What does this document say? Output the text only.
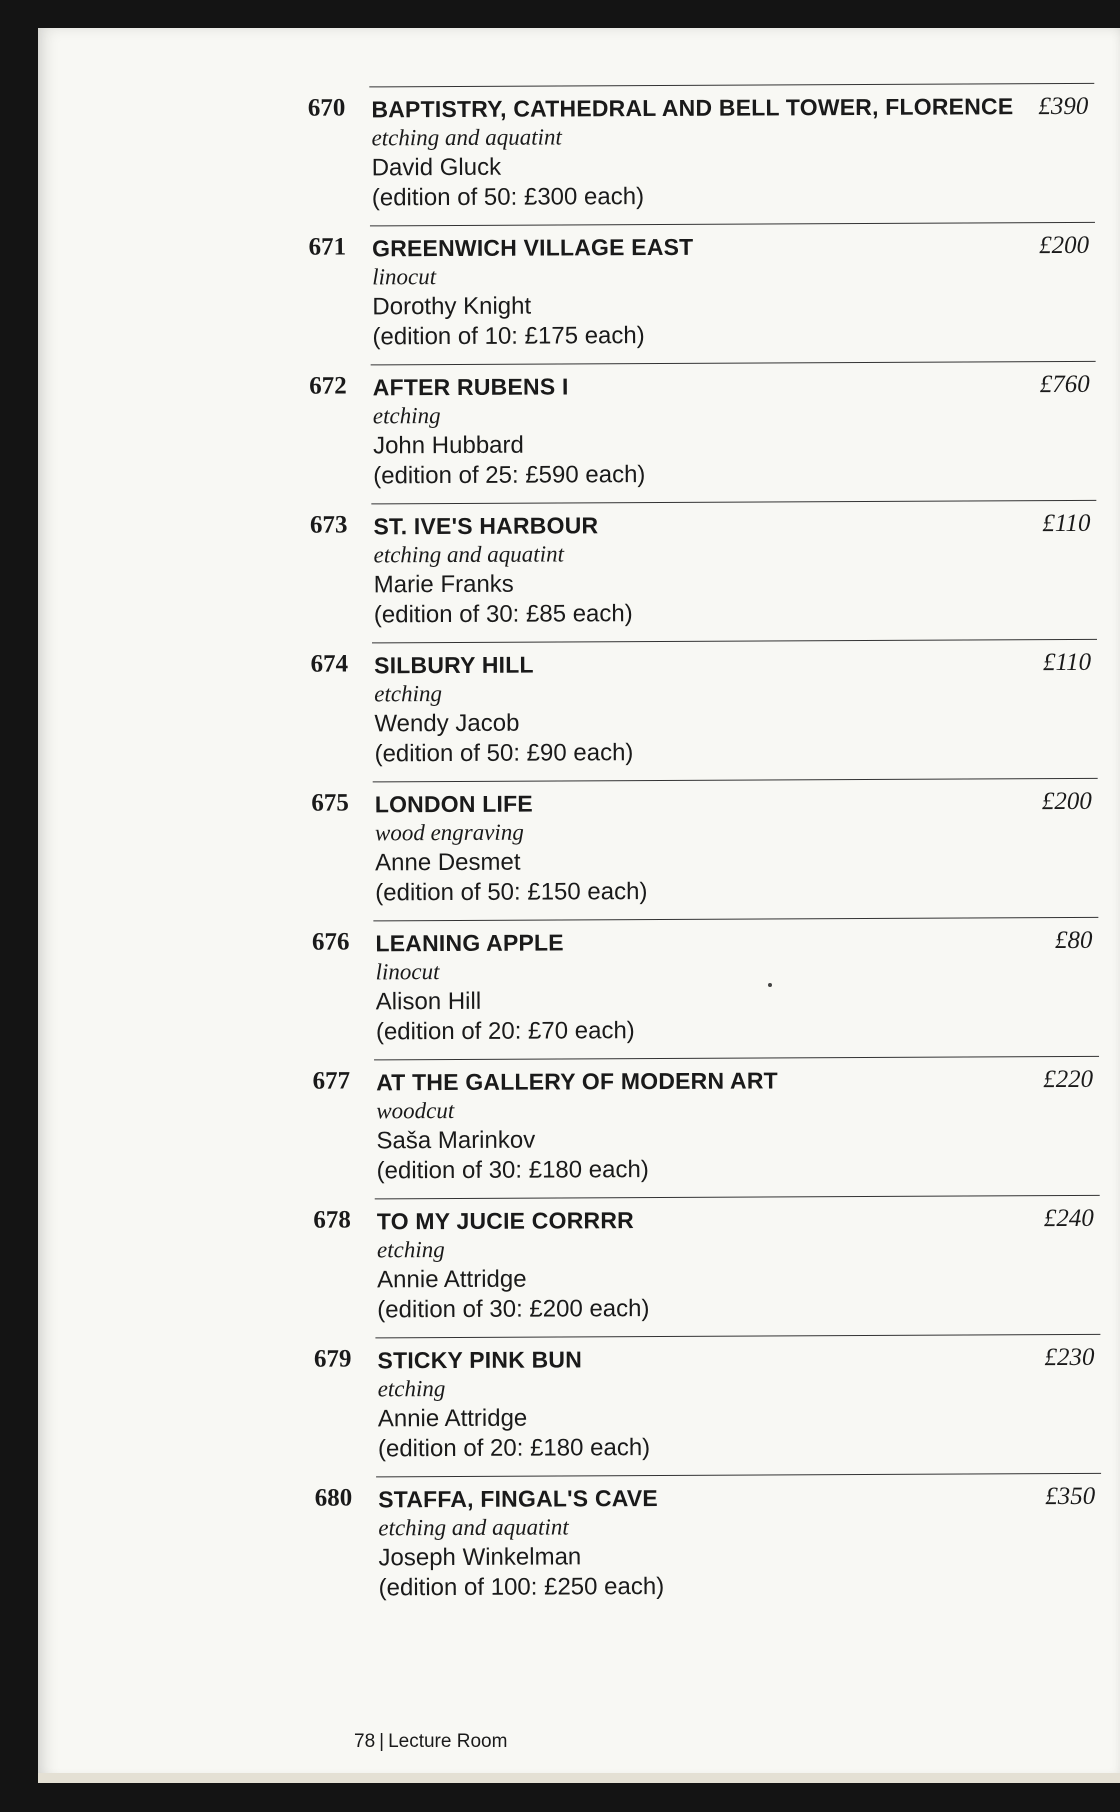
670 BAPTISTRY, CATHEDRAL AND BELL TOWER, FLORENCE £390
etching and aquatint
David Gluck
(edition of 50: £300 each)
671 GREENWICH VILLAGE EAST	£200
linocut
Dorothy Knight
(edition of 10: £175 each)
672 AFTER RUBENS I	£760
etching
John Hubbard
(edition of 25: £590 each)
673 ST. IVE'S HARBOUR	£110
etching and aquatint
Marie Franks
(edition of 30: £85 each)
674 SILBURY HILL	£110
etching
Wendy Jacob
(edition of 50: £90 each)
675 LONDON LIFE	£200
wood engraving
Anne Desmet
(edition of 50: £150 each)
676 LEANING APPLE	£80
linocut
Alison Hill
(edition of 20: £70 each)
677 AT THE GALLERY OF MODERN ART	£220
woodcut
Saša Marinkov
(edition of 30: £180 each)
678 TO MY JUCIE CORRRR	£240
etching
Annie Attridge
(edition of 30: £200 each)
679 STICKY PINK BUN	£230
etching
Annie Attridge
(edition of 20: £180 each)
680 STAFFA, FINGAL'S CAVE	£350
etching and aquatint
Joseph Winkelman
(edition of 100: £250 each)
78 | Lecture Room
